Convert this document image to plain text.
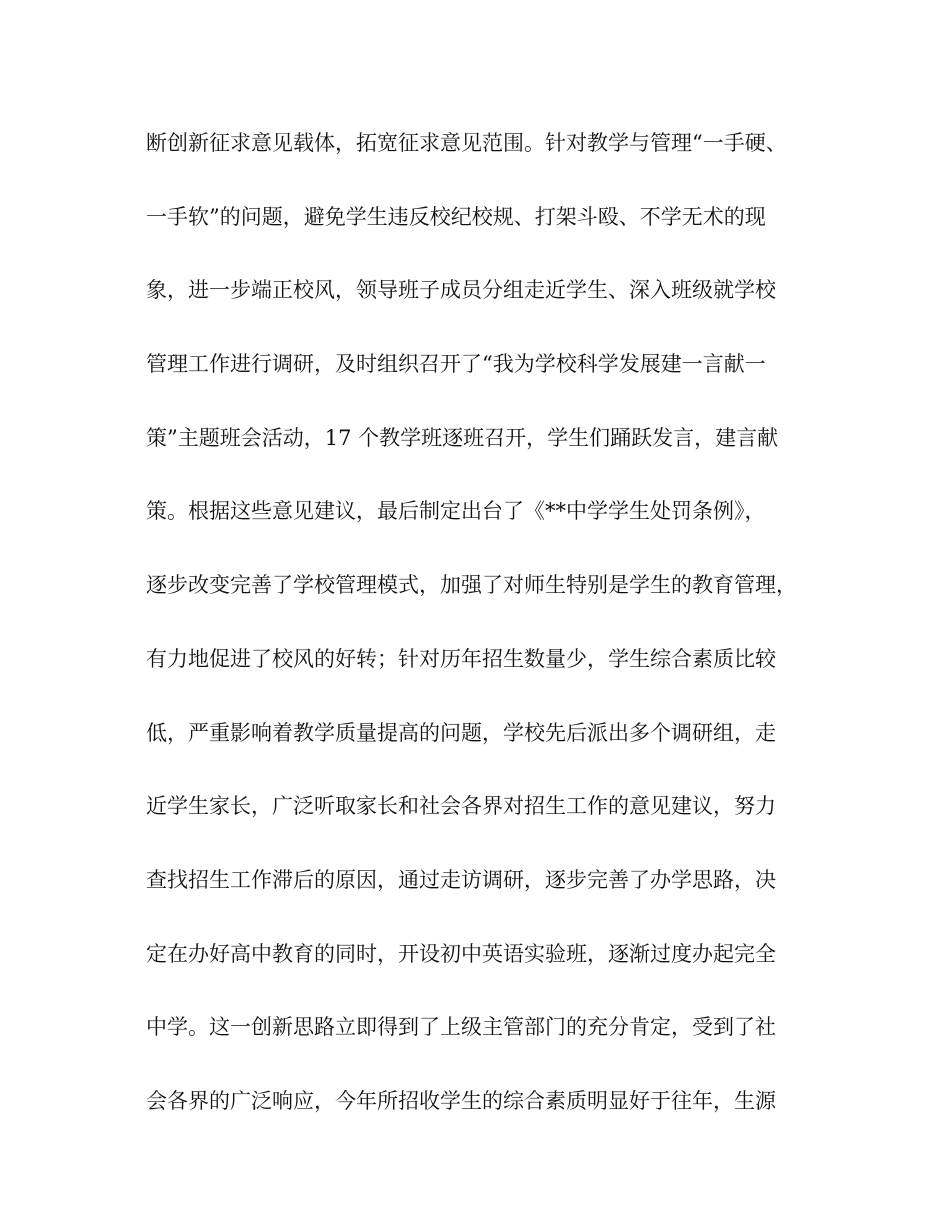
断创新征求意见载体，拓宽征求意见范围。针对教学与管理“一手硬、
一手软”的问题，避免学生违反校纪校规、打架斗殴、不学无术的现
象，进一步端正校风，领导班子成员分组走近学生、深入班级就学校
管理工作进行调研，及时组织召开了“我为学校科学发展建一言献一
策”主题班会活动，17 个教学班逐班召开，学生们踊跃发言，建言献
策。根据这些意见建议，最后制定出台了《**中学学生处罚条例》，
逐步改变完善了学校管理模式，加强了对师生特别是学生的教育管理，
有力地促进了校风的好转；针对历年招生数量少，学生综合素质比较
低，严重影响着教学质量提高的问题，学校先后派出多个调研组，走
近学生家长，广泛听取家长和社会各界对招生工作的意见建议，努力
查找招生工作滞后的原因，通过走访调研，逐步完善了办学思路，决
定在办好高中教育的同时，开设初中英语实验班，逐渐过度办起完全
中学。这一创新思路立即得到了上级主管部门的充分肯定，受到了社
会各界的广泛响应，今年所招收学生的综合素质明显好于往年，生源
